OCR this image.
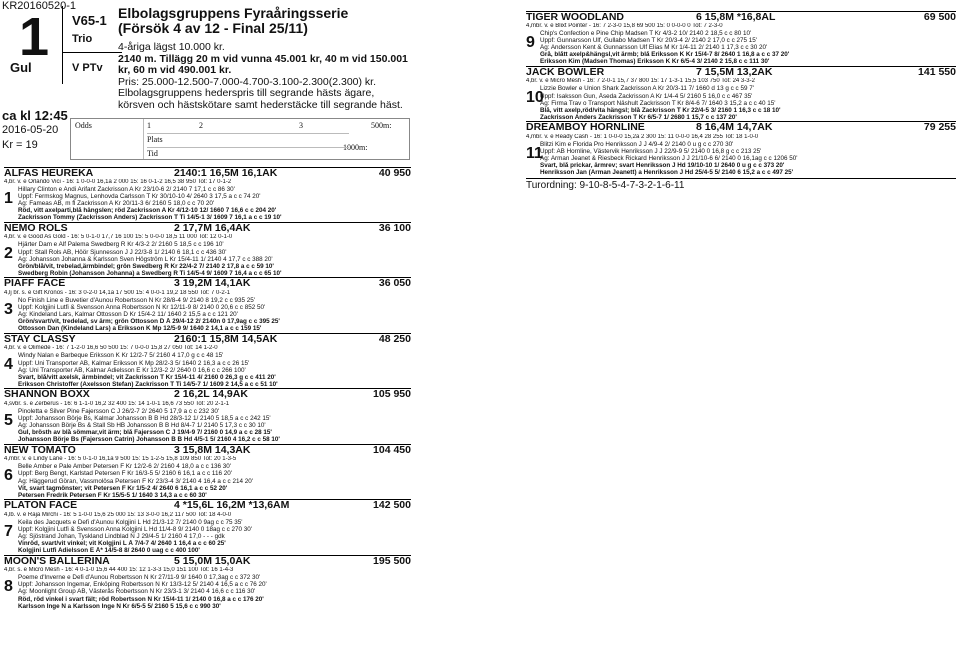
KR20160520-1
1
Gul
V65-1
Trio
V PTv
Elbolagsgruppens Fyraåringsserie (Försök 4 av 12 - Final 25/11)
4-åriga lägst 10.000 kr.
2140 m. Tillägg 20 m vid vunna 45.001 kr, 40 m vid 150.001 kr, 60 m vid 490.001 kr.
Pris: 25.000-12.500-7.000-4.700-3.100-2.300(2.300) kr.
Elbolagsgruppens hederspris till segrande hästs ägare, körsven och hästskötare samt hederstäcke till segrande häst.
ca kl 12:45
2016-05-20
Kr = 19
Odds	1	2	3	500m:
Plats
Tid
1000m:
ALFAS HEUREKA	2140:1 16,5M 16,1AK	40 950
4,br. v. e Orlando Vici - 16: 1 0-0-0 16,1a 2 000 15: 16 0-1-2 16,5 38 950 Tot: 17 0-1-2
1
Hillary Clinton e Andi Arifant Zackrisson A Kr 23/10-6 2/ 2140 7 17,1 c c 86 30'
Uppf: Fermskog Magnus, Lenhovda Carlsson T Kr 30/10-10 4/ 2640 3 17,5 a c c 74 20'
Äg: Fameas AB, m fl Zackrisson A Kr 20/11-3 6/ 2160 5 18,0 c c 70 20'
Röd, vitt axelparti,blå hängslen; röd Zackrisson A Kr 4/12-10 12/ 1660 7 16,6 c c 204 20'
Zackrisson Tommy (Zackrisson Anders) Zackrisson T Ti 14/5-1 3/ 1609 7 16,1 a c c 19 10'
NEMO ROLS	2 17,7M 16,4AK	36 100
4,br. v. e Good As Gold - 16: 5 0-1-0 17,7 16 100 15: 5 0-0-0 18,5 11 000 Tot: 12 0-1-0
2
Hjärter Dam e Alf Palema Swedberg R Kr 4/3-2 2/ 2160 5 18,5 c c 196 10'
Uppf: Stall Rols AB, Höör Sjunnesson J J 22/3-8 1/ 2140 6 18,1 c c 436 30'
Äg: Johansson Johanna & Karlsson Sven Högström L Kr 15/4-11 1/ 2140 4 17,7 c c 388 20'
Grön/blå/vit, trebelad,ärmbindel; grön Swedberg R Kr 22/4-2 7/ 2140 2 17,8 a c c 59 10'
Swedberg Robin (Johansson Johanna) a Swedberg R Ti 14/5-4 9/ 1609 7 16,4 a c c 65 10'
PIAFF FACE	3 19,2M 14,1AK	36 050
4,lj br. s. e Gift Kronos - 16: 3 0-2-0 14,1a 17 500 15: 4 0-0-1 19,2 18 550 Tot: 7 0-2-1
3
No Finish Line e Buvetier d'Aunou Robertsson N Kr 28/8-4 9/ 2140 8 19,2 c c 935 25'
Uppf: Kolgjini Lutfi & Svensson Anna Robertsson N Kr 12/11-9 8/ 2140 0 20,6 c c 852 50'
Äg: Kindeland Lars, Kalmar Ottosson D Kr 15/4-2 11/ 1640 2 15,5 a c c 121 20'
Grön/svart/vit, tredelad, sv ärm; grön Ottosson D Å 29/4-12 2/ 2140n 0 17,9ag c c 395 25'
Ottosson Dan (Kindeland Lars) a Eriksson K Mp 12/5-9 9/ 1640 2 14,1 a c c 159 15'
STAY CLASSY	2160:1 15,8M 14,5AK	48 250
4,br. v. e Olimede - 16: 7 1-2-0 16,6 50 500 15: 7 0-0-0 15,8 27 050 Tot: 14 1-2-0
4
Windy Nalan e Barbeque Eriksson K Kr 12/2-7 5/ 2160 4 17,0 g c c 48 15'
Uppf: Uni Transporter AB, Kalmar Eriksson K Mp 28/2-3 5/ 1640 2 16,3 a c c 26 15'
Äg: Uni Transporter AB, Kalmar Adielsson E Kr 12/3-2 2/ 2640 0 16,6 c c 266 100'
Svart, blå/vitt axelsk, ärmbindel; vit Zackrisson T Kr 15/4-11 4/ 2160 0 26,3 g c c 411 20'
Eriksson Christoffer (Axelsson Stefan) Zackrisson T Ti 14/5-7 1/ 1609 2 14,5 a c c 51 10'
SHANNON BOXX	2 16,2L 14,9AK	105 950
4,svbr. s. e Zerberus - 16: 6 1-1-0 16,2 32 400 15: 14 1-0-1 16,6 73 550 Tot: 20 2-1-1
5
Pinoletta e Silver Pine Fajersson C J 26/2-7 2/ 2640 5 17,9 a c c 232 30'
Uppf: Johansson Börje Bs, Kalmar Johansson B B Hd 28/3-12 1/ 2140 5 18,5 a c c 242 15'
Äg: Johansson Börje Bs & Stall Sb HB Johansson B B Hd 8/4-7 1/ 2140 5 17,3 c c 30 10'
Gul, brösth av blå sömmar,vit ärm; blå Fajersson C J 19/4-9 7/ 2160 0 14,9 a c c 28 15'
Johansson Börje Bs (Fajersson Catrin) Johansson B B Hd 4/5-1 5/ 2160 4 16,2 c c 58 10'
NEW TOMATO	3 15,8M 14,3AK	104 450
4,mbr. v. e Lindy Lane - 16: 5 0-1-0 16,1a 9 500 15: 15 1-2-5 15,8 109 850 Tot: 20 1-3-5
6
Belle Amber e Pale Amber Petersen F Kr 12/2-6 2/ 2160 4 18,0 a c c 136 30'
Uppf: Berg Bengt, Karlstad Petersen F Kr 16/3-5 5/ 2160 6 16,1 a c c 116 20'
Äg: Häggerud Göran, Vassmolösa Petersen F Kr 23/3-4 3/ 2140 4 16,4 a c c 214 20'
Vit, svart tagmönster; vit Petersen F Kr 1/5-2 4/ 2640 6 16,1 a c c 52 20'
Petersen Fredrik Petersen F Kr 15/5-5 1/ 1640 3 14,3 a c c 60 30'
PLATON FACE	4 *15,6L 16,2M *13,6AM	142 500
4,lb. v. e Raja Mirchi - 16: 5 1-0-0 15,6 25 000 15: 13 3-0-0 16,2 117 500 Tot: 18 4-0-0
7
Keila des Jacquets e Defi d'Aunou Kolgjini L Hd 21/3-12 7/ 2140 0 9ag c c 75 35'
Uppf: Kolgjini Lutfi & Svensson Anna Kolgjini L Hd 11/4-8 9/ 2140 0 18ag c c 270 30'
Äg: Sjöstrand Johan, Tyskland Lindblad N J 29/4-5 1/ 2160 4 17,0 - - - gdk
Vinröd, svart/vit vinkel; vit Kolgjini L Å 7/4-7 4/ 2640 1 16,4 a c c 60 25'
Kolgjini Lutfi Adielsson E Å* 14/5-8 8/ 2640 0 uag c c 400 100'
MOON'S BALLERINA	5 15,0M 15,0AK	195 500
4,br. s. e Micro Mesh - 16: 4 0-1-0 15,6 44 400 15: 12 1-3-3 15,0 151 100 Tot: 16 1-4-3
8
Poeme d'Inverne e Defi d'Aunou Robertsson N Kr 27/11-9 9/ 1640 0 17,3ag c c 372 30'
Uppf: Johansson Ingemar, Enköping Robertsson N Kr 13/3-12 5/ 2140 4 16,5 a c c 76 20'
Äg: Moonlight Group AB, Västerås Robertsson N Kr 23/3-1 3/ 2140 4 16,6 c c 116 30'
Röd, röd vinkel i svart fält; röd Robertsson N Kr 15/4-11 1/ 2140 0 16,8 a c c 176 20'
Karlsson Inge N a Karlsson Inge N Kr 6/5-5 5/ 2160 5 15,6 c c 990 30'
TIGER WOODLAND	6 15,8M *16,8AL	69 500
4,mbr. v. e Blixt Pointer - 16: 7 2-3-0 15,8 69 500 15: 0 0-0-0 0 Tot: 7 2-3-0
9
Chip's Confection e Pine Chip Madsen T Kr 4/3-2 10/ 2140 2 18,5 c c 80 10'
Uppf: Gunnarsson Ulf, Gullabo Madsen T Kr 20/3-4 2/ 2140 2 17,0 c c 275 15'
Äg: Andersson Kent & Gunnarsson Ulf Elias M Kr 1/4-11 2/ 2140 1 17,3 c c 30 20'
Grå, blått axelp&hängsl,vit ärmb; blå Eriksson K Kr 15/4-7 8/ 2640 1 16,8 a c c 37 20'
Eriksson Kim (Madsen Thomas) Eriksson K Kr 6/5-4 3/ 2140 2 15,8 c c 111 30'
JACK BOWLER	7 15,5M 13,2AK	141 550
4,br. v. e Micro Mesh - 16: 7 2-0-1 15,7 37 800 15: 17 1-3-1 15,5 103 750 Tot: 24 3-3-2
10
Lizzie Bowler e Union Shark Zackrisson A Kr 20/3-11 7/ 1660 d 13 g c c 59 7'
Uppf: Isaksson Gun, Åseda Zackrisson A Kr 1/4-4 5/ 2160 5 16,0 c c 467 35'
Äg: Firma Trav o Transport Näshult Zackrisson T Kr 8/4-6 7/ 1640 3 15,2 a c c 40 15'
Blå, vitt axelp,röd/vita hängsl; blå Zackrisson T Kr 22/4-5 3/ 2160 1 16,3 c c 18 10'
Zackrisson Anders Zackrisson T Kr 6/5-7 1/ 2680 1 15,7 c c 137 20'
DREAMBOY HORNLINE	8 16,4M 14,7AK	79 255
4,mbr. v. e Ready Cash - 16: 1 0-0-0 15,2a 2 300 15: 11 0-0-0 16,4 28 255 Tot: 18 1-0-0
11
Blitzi Kim e Florida Pro Henriksson J J 4/9-4 2/ 2140 0 u g c c 270 30'
Uppf: AB Hornline, Västervik Henriksson J J 22/9-9 5/ 2140 0 16,8 g c c 213 25'
Äg: Arman Jeanet & Riesbeck Rickard Henriksson J J 21/10-6 6/ 2140 0 16,1ag c c 1206 50'
Svart, blå prickar, ärmrev; svart Henriksson J Hd 19/10-10 1/ 2640 0 u g c c 373 20'
Henriksson Jan (Arman Jeanett) a Henriksson J Hd 25/4-5 5/ 2140 6 15,2 a c c 497 25'
Turordning: 9-10-8-5-4-7-3-2-1-6-11
